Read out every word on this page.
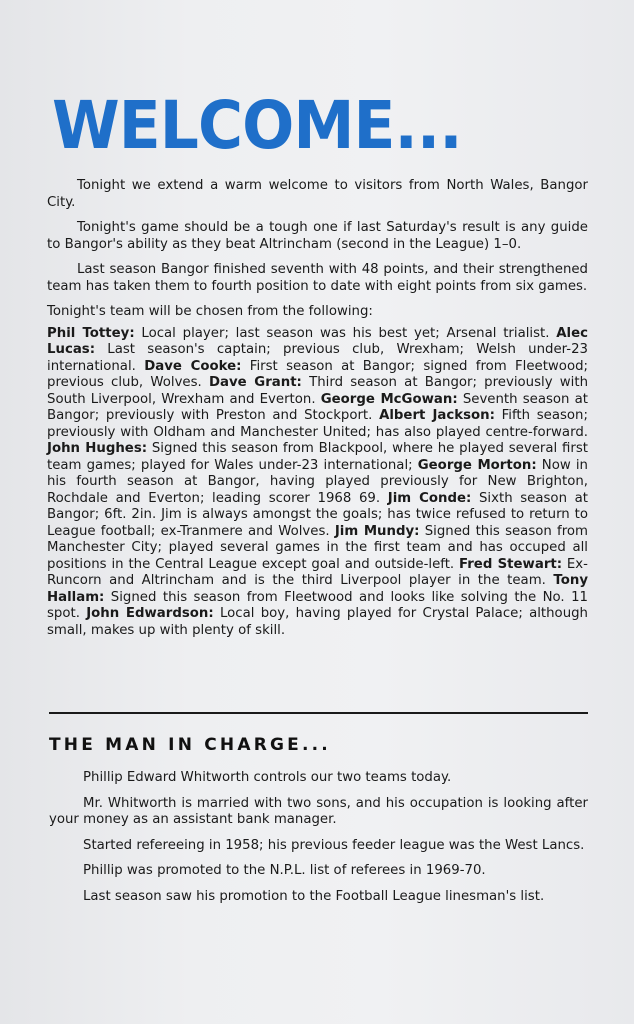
WELCOME...

Tonight we extend a warm welcome to visitors from North Wales, Bangor City.

Tonight's game should be a tough one if last Saturday's result is any guide to Bangor's ability as they beat Altrincham (second in the League) 1–0.

Last season Bangor finished seventh with 48 points, and their strengthened team has taken them to fourth position to date with eight points from six games.

Tonight's team will be chosen from the following:

Phil Tottey: Local player; last season was his best yet; Arsenal trialist. Alec Lucas: Last season's captain; previous club, Wrexham; Welsh under-23 international. Dave Cooke: First season at Bangor; signed from Fleetwood; previous club, Wolves. Dave Grant: Third season at Bangor; previously with South Liverpool, Wrexham and Everton. George McGowan: Seventh season at Bangor; previously with Preston and Stockport. Albert Jackson: Fifth season; previously with Oldham and Manchester United; has also played centre-forward. John Hughes: Signed this season from Blackpool, where he played several first team games; played for Wales under-23 international; George Morton: Now in his fourth season at Bangor, having played previously for New Brighton, Rochdale and Everton; leading scorer 1968 69. Jim Conde: Sixth season at Bangor; 6ft. 2in. Jim is always amongst the goals; has twice refused to return to League football; ex-Tranmere and Wolves. Jim Mundy: Signed this season from Manchester City; played several games in the first team and has occuped all positions in the Central League except goal and outside-left. Fred Stewart: Ex-Runcorn and Altrincham and is the third Liverpool player in the team. Tony Hallam: Signed this season from Fleetwood and looks like solving the No. 11 spot. John Edwardson: Local boy, having played for Crystal Palace; although small, makes up with plenty of skill.

THE MAN IN CHARGE...

Phillip Edward Whitworth controls our two teams today.

Mr. Whitworth is married with two sons, and his occupation is looking after your money as an assistant bank manager.

Started refereeing in 1958; his previous feeder league was the West Lancs.

Phillip was promoted to the N.P.L. list of referees in 1969-70.

Last season saw his promotion to the Football League linesman's list.
